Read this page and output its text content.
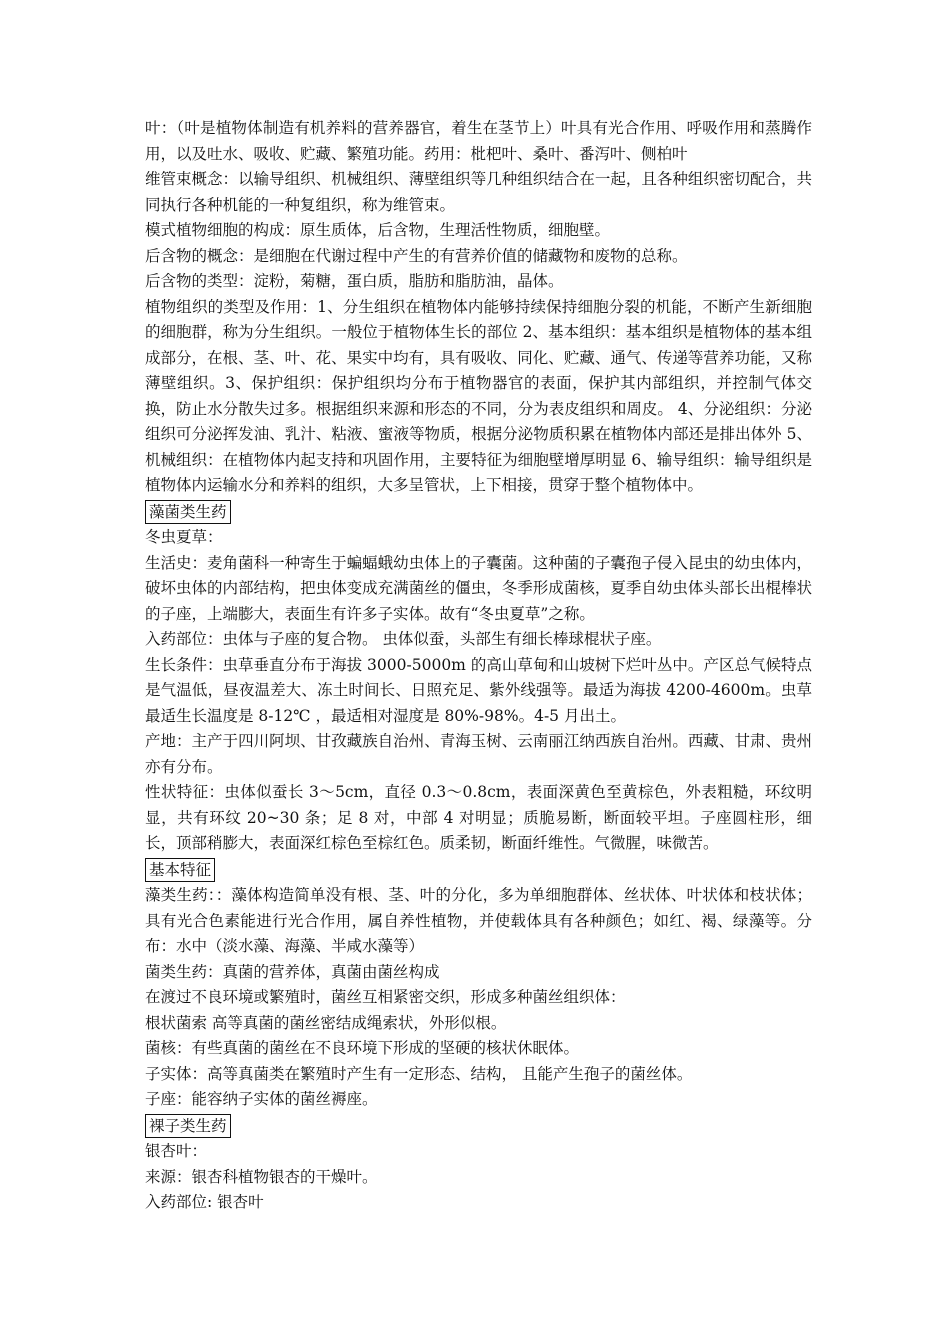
叶：（叶是植物体制造有机养料的营养器官，着生在茎节上）叶具有光合作用、呼吸作用和蒸腾作用，以及吐水、吸收、贮藏、繁殖功能。药用：枇杷叶、桑叶、番泻叶、侧柏叶

维管束概念：以输导组织、机械组织、薄壁组织等几种组织结合在一起，且各种组织密切配合，共同执行各种机能的一种复组织，称为维管束。

模式植物细胞的构成：原生质体，后含物，生理活性物质，细胞壁。

后含物的概念：是细胞在代谢过程中产生的有营养价值的储藏物和废物的总称。

后含物的类型：淀粉，菊糖，蛋白质，脂肪和脂肪油，晶体。

植物组织的类型及作用：1、分生组织在植物体内能够持续保持细胞分裂的机能，不断产生新细胞的细胞群，称为分生组织。一般位于植物体生长的部位 2、基本组织：基本组织是植物体的基本组成部分，在根、茎、叶、花、果实中均有，具有吸收、同化、贮藏、通气、传递等营养功能，又称薄壁组织。3、保护组织：保护组织均分布于植物器官的表面，保护其内部组织，并控制气体交换，防止水分散失过多。根据组织来源和形态的不同，分为表皮组织和周皮。 4、分泌组织：分泌组织可分泌挥发油、乳汁、粘液、蜜液等物质，根据分泌物质积累在植物体内部还是排出体外 5、机械组织：在植物体内起支持和巩固作用，主要特征为细胞壁增厚明显 6、输导组织：输导组织是植物体内运输水分和养料的组织，大多呈管状，上下相接，贯穿于整个植物体中。

藻菌类生药

冬虫夏草：

生活史：麦角菌科一种寄生于蝙蝠蛾幼虫体上的子囊菌。这种菌的子囊孢子侵入昆虫的幼虫体内，破坏虫体的内部结构，把虫体变成充满菌丝的僵虫，冬季形成菌核，夏季自幼虫体头部长出棍棒状的子座，上端膨大，表面生有许多子实体。故有“冬虫夏草”之称。

入药部位：虫体与子座的复合物。 虫体似蚕，头部生有细长棒球棍状子座。

生长条件：虫草垂直分布于海拔 3000-5000m 的高山草甸和山坡树下烂叶丛中。产区总气候特点是气温低，昼夜温差大、冻土时间长、日照充足、紫外线强等。最适为海拔 4200-4600m。虫草最适生长温度是 8-12℃ ，最适相对湿度是 80%-98%。4-5 月出土。

产地：主产于四川阿坝、甘孜藏族自治州、青海玉树、云南丽江纳西族自治州。西藏、甘肃、贵州亦有分布。

性状特征：虫体似蚕长 3～5cm，直径 0.3～0.8cm，表面深黄色至黄棕色，外表粗糙，环纹明显，共有环纹 20~30 条；足 8 对，中部 4 对明显；质脆易断，断面较平坦。子座圆柱形，细长，顶部稍膨大，表面深红棕色至棕红色。质柔韧，断面纤维性。气微腥，味微苦。

基本特征

藻类生药：：藻体构造简单没有根、茎、叶的分化，多为单细胞群体、丝状体、叶状体和枝状体；具有光合色素能进行光合作用，属自养性植物，并使载体具有各种颜色；如红、褐、绿藻等。分布：水中（淡水藻、海藻、半咸水藻等）

菌类生药：真菌的营养体，真菌由菌丝构成

在渡过不良环境或繁殖时，菌丝互相紧密交织，形成多种菌丝组织体：

根状菌索 高等真菌的菌丝密结成绳索状，外形似根。

菌核：有些真菌的菌丝在不良环境下形成的坚硬的核状休眠体。

子实体：高等真菌类在繁殖时产生有一定形态、结构， 且能产生孢子的菌丝体。

子座：能容纳子实体的菌丝褥座。

裸子类生药

银杏叶：

来源：银杏科植物银杏的干燥叶。

入药部位: 银杏叶
